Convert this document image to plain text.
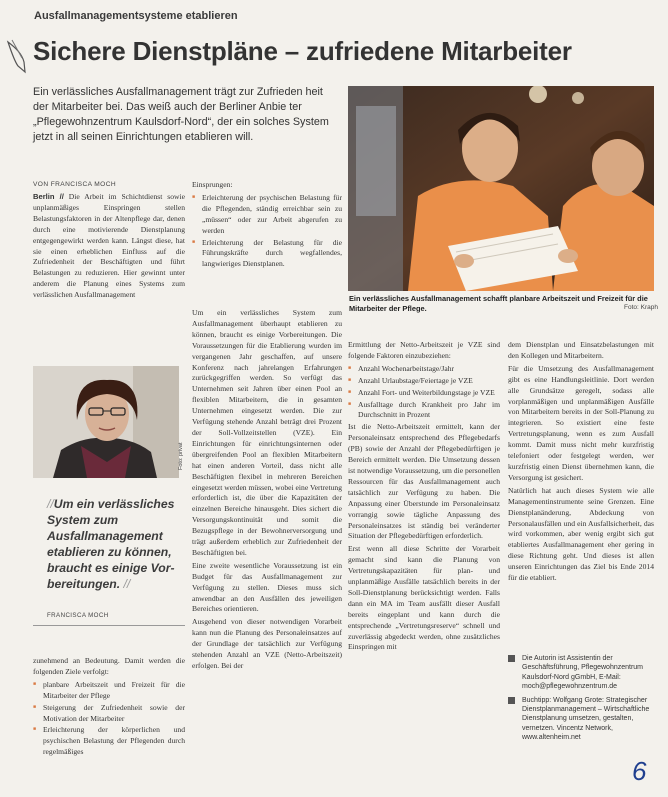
Ausfallmanagementsysteme etablieren
Sichere Dienstpläne – zufriedene Mitarbeiter

Ein verlässliches Ausfallmanagement trägt zur Zufrieden heit der Mitarbeiter bei. Das weiß auch der Berliner Anbie ter „Pflegewohnzentrum Kaulsdorf-Nord“, der ein solches System jetzt in all seinen Einrichtungen etablieren will.

VON FRANCISCA MOCH
Ein verlässliches Ausfallmanagement schafft planbare Arbeitszeit und Freizeit für die Mitarbeiter der Pflege.	Foto: Kraph

Berlin // Die Arbeit im Schichtdienst sowie unplanmäßiges Einspringen stellen Belastungsfaktoren in der Altenpflege dar, denen durch eine motivierende Dienstplanung entgegengewirkt werden kann. Längst diese, hat sie einen erheblichen Einfluss auf die Zufriedenheit der Beschäftigten und führt Belastungen zu reduzieren. Hier gewinnt unter anderem die Planung eines Systems zum verlässlichen Ausfallmanagement

Einsprungen:

■ Erleichterung der psychischen Belastung für die Pflegenden, ständig erreichbar sein zu „müssen“ oder zur Arbeit abgerufen zu werden
■ Erleichterung der Belastung für die Führungskräfte durch wegfallendes, langwieriges Dienstplanen.
Foto: privat
//Um ein verlässliches System zum Ausfallmanagement etablieren zu können, braucht es einige Vorbereitungen. //
FRANCISCA MOCH

zunehmend an Bedeutung. Damit werden die folgenden Ziele verfolgt:

■ planbare Arbeitszeit und Freizeit für die Mitarbeiter der Pflege
■ Steigerung der Zufriedenheit sowie der Motivation der Mitarbeiter
■ Erleichterung der körperlichen und psychischen Belastung der Pflegenden durch regelmäßiges

Um ein verlässliches System zum Ausfallmanagement überhaupt etablieren zu können, braucht es einige Vorbereitungen. Die Voraussetzungen für die Etablierung wurden im vergangenen Jahr geschaffen, auf unsere Konferenz nach jahrelangen Erfahrungen zurückgegriffen werden. So verfügt das Unternehmen seit Jahren über einen Pool an flexiblen Mitarbeitern, die in gesamten Unternehmen eingesetzt werden. Die zur Verfügung stehende Anzahl beträgt drei Prozent der Soll-Vollzeitstellen (VZE). Ein Einrichtungen für einrichtungsinternen oder übergreifenden Pool an flexiblen Mitarbeitern hat einen anderen Vorteil, dass nicht alle Beschäftigten flexibel in mehreren Bereichen eingesetzt werden müssen, wobei eine Vertretung erforderlich ist, die über die Kapazitäten der einzelnen Bereiche hinausgeht. Dies sichert die Versorgungskontinuität und somit die Bezugspflege in der Bewohnerversorgung und trägt außerdem erheblich zur Zufriedenheit der Beschäftigten bei.

Eine zweite wesentliche Voraussetzung ist ein Budget für das Ausfallmanagement zur Verfügung zu stellen. Dieses muss sich anwendbar an den Ausfällen des jeweiligen Bereiches orientieren.

Ausgehend von dieser notwendigen Vorarbeit kann nun die Planung des Personaleinsatzes auf der Grundlage der tatsächlich zur Verfügung stehenden Anzahl an VZE (Netto-Arbeitszeit) erfolgen. Bei der

Ermittlung der Netto-Arbeitszeit je VZE sind folgende Faktoren einzubeziehen:

■ Anzahl Wochenarbeitstage/Jahr
■ Anzahl Urlaubstage/Feiertage je VZE
■ Anzahl Fort- und Weiterbildungstage je VZE
■ Ausfalltage durch Krankheit pro Jahr im Durchschnitt in Prozent

Ist die Netto-Arbeitszeit ermittelt, kann der Personaleinsatz entsprechend des Pflegebedarfs (PB) sowie der Anzahl der Pflegebedürftigen je Bereich ermittelt werden. Die Umsetzung dessen ist notwendige Voraussetzung, um die personellen Ressourcen für das Ausfallmanagement auch tatsächlich zur Verfügung zu haben. Die Anpassung einer Überstunde im Personaleinsatz vorrangig sowie tägliche Anpassung des Personaleinsatzes ist ständig bei veränderter Situation der Pflegebedürftigen erforderlich.

Erst wenn all diese Schritte der Vorarbeit gemacht sind kann die Planung von Vertretungskapazitäten für plan- und unplanmäßige Ausfälle tatsächlich bereits in der Soll-Dienstplanung berücksichtigt werden. Falls dann ein MA im Team ausfällt dieser Ausfall bereits eingeplant und kann durch die entsprechende „Vertretungsreserve“ schnell und zuverlässig abgedeckt werden, ohne zusätzliches Einspringen mit

dem Dienstplan und Einsatzbelastungen mit den Kollegen und Mitarbeitern.

Für die Umsetzung des Ausfallmanagement gibt es eine Handlungsleitlinie. Dort werden alle Grundsätze geregelt, sodass alle vorplanmäßigen und unplanmäßigen Ausfälle von Mitarbeitern bereits in der Soll-Planung zu integrieren. So existiert eine feste Vertretungsplanung, wenn es zum Ausfall kommt. Damit muss nicht mehr kurzfristig telefoniert oder festgelegt werden, wer kurzfristig einen Dienst übernehmen kann, die Versorgung ist gesichert.

Natürlich hat auch dieses System wie alle Managementinstrumente seine Grenzen. Eine Dienstplanänderung, Abdeckung von Personalausfällen und ein Ausfallsicherheit, das wird vorkommen, aber wenig ergibt sich gut etabliertes Ausfallmanagement eher gering in diese Richtung geht. Und dieses ist allen unseren Einrichtungen das Ziel bis Ende 2014 für die etabliert.

Die Autorin ist Assistentin der Geschäftsführung, Pflegewohnzentrum Kaulsdorf-Nord gGmbH, E-Mail: moch@pflegewohnzentrum.de
Buchtipp: Wolfgang Grote: Strategischer Dienstplanmanagement – Wirtschaftliche Dienstplanung umsetzen, gestalten, vernetzen. Vincentz Network, www.altenheim.net
6
